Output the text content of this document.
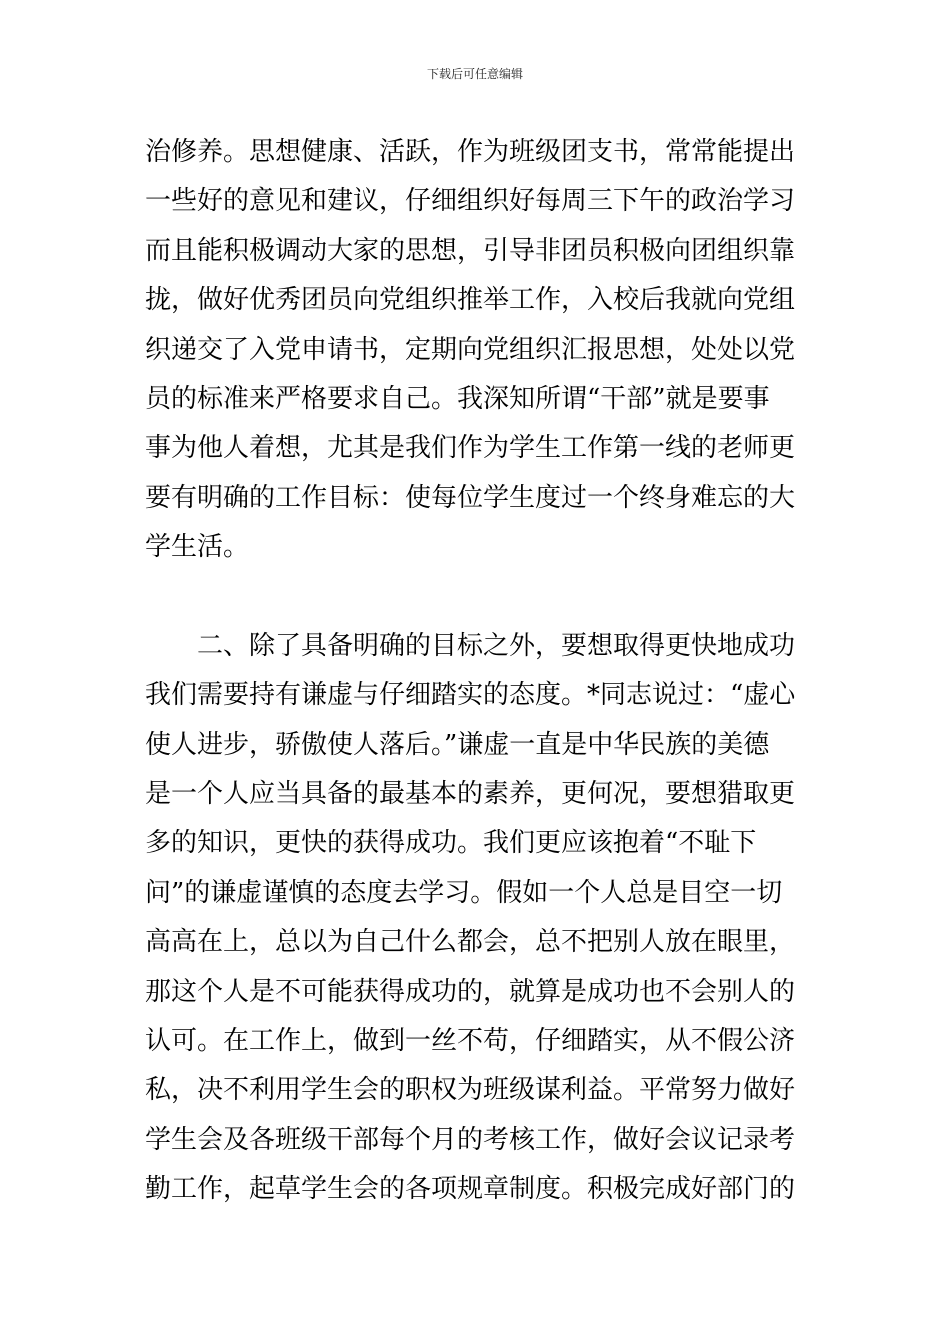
下载后可任意编辑
治修养。思想健康、活跃，作为班级团支书，常常能提出
一些好的意见和建议，仔细组织好每周三下午的政治学习
而且能积极调动大家的思想，引导非团员积极向团组织靠
拢，做好优秀团员向党组织推举工作，入校后我就向党组
织递交了入党申请书，定期向党组织汇报思想，处处以党
员的标准来严格要求自己。我深知所谓“干部”就是要事
事为他人着想，尤其是我们作为学生工作第一线的老师更
要有明确的工作目标：使每位学生度过一个终身难忘的大
学生活。
二、除了具备明确的目标之外，要想取得更快地成功
我们需要持有谦虚与仔细踏实的态度。*同志说过：“虚心
使人进步，骄傲使人落后。”谦虚一直是中华民族的美德
是一个人应当具备的最基本的素养，更何况，要想猎取更
多的知识，更快的获得成功。我们更应该抱着“不耻下
问”的谦虚谨慎的态度去学习。假如一个人总是目空一切
高高在上，总以为自己什么都会，总不把别人放在眼里，
那这个人是不可能获得成功的，就算是成功也不会别人的
认可。在工作上，做到一丝不苟，仔细踏实，从不假公济
私，决不利用学生会的职权为班级谋利益。平常努力做好
学生会及各班级干部每个月的考核工作，做好会议记录考
勤工作，起草学生会的各项规章制度。积极完成好部门的
